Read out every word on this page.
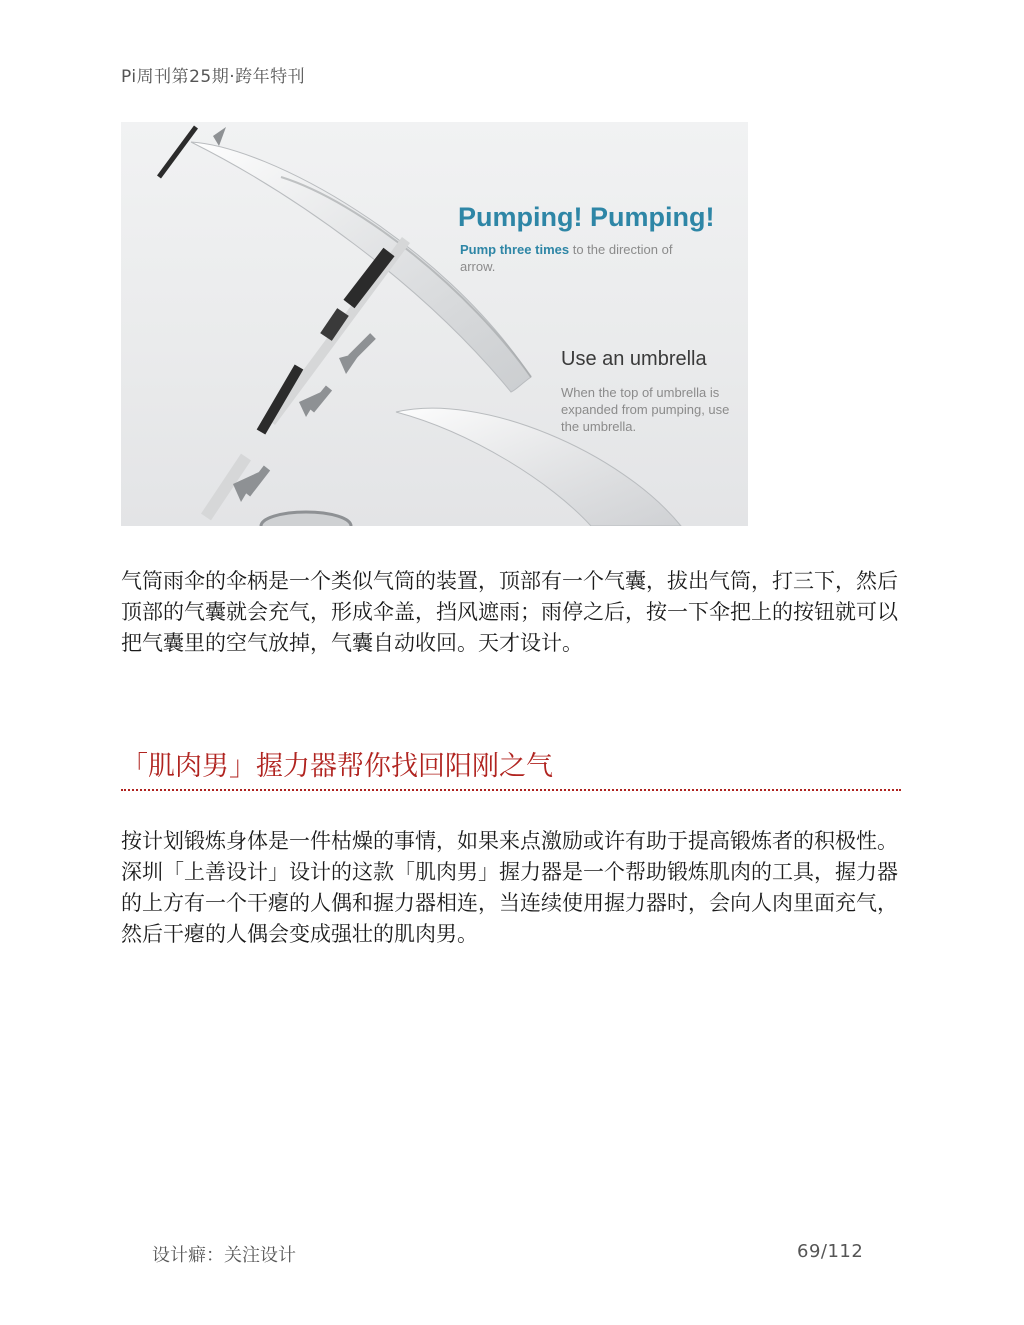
Pi周刊第25期·跨年特刊
Pumping! Pumping!
Pump three times to the direction of arrow.
Use an umbrella
When the top of umbrella is expanded from pumping, use the umbrella.

气筒雨伞的伞柄是一个类似气筒的装置，顶部有一个气囊，拔出气筒，打三下，然后顶部的气囊就会充气，形成伞盖，挡风遮雨；雨停之后，按一下伞把上的按钮就可以把气囊里的空气放掉，气囊自动收回。天才设计。

「肌肉男」握力器帮你找回阳刚之气

按计划锻炼身体是一件枯燥的事情，如果来点激励或许有助于提高锻炼者的积极性。深圳「上善设计」设计的这款「肌肉男」握力器是一个帮助锻炼肌肉的工具，握力器的上方有一个干瘪的人偶和握力器相连，当连续使用握力器时，会向人肉里面充气，然后干瘪的人偶会变成强壮的肌肉男。

设计癖：关注设计	69/112
